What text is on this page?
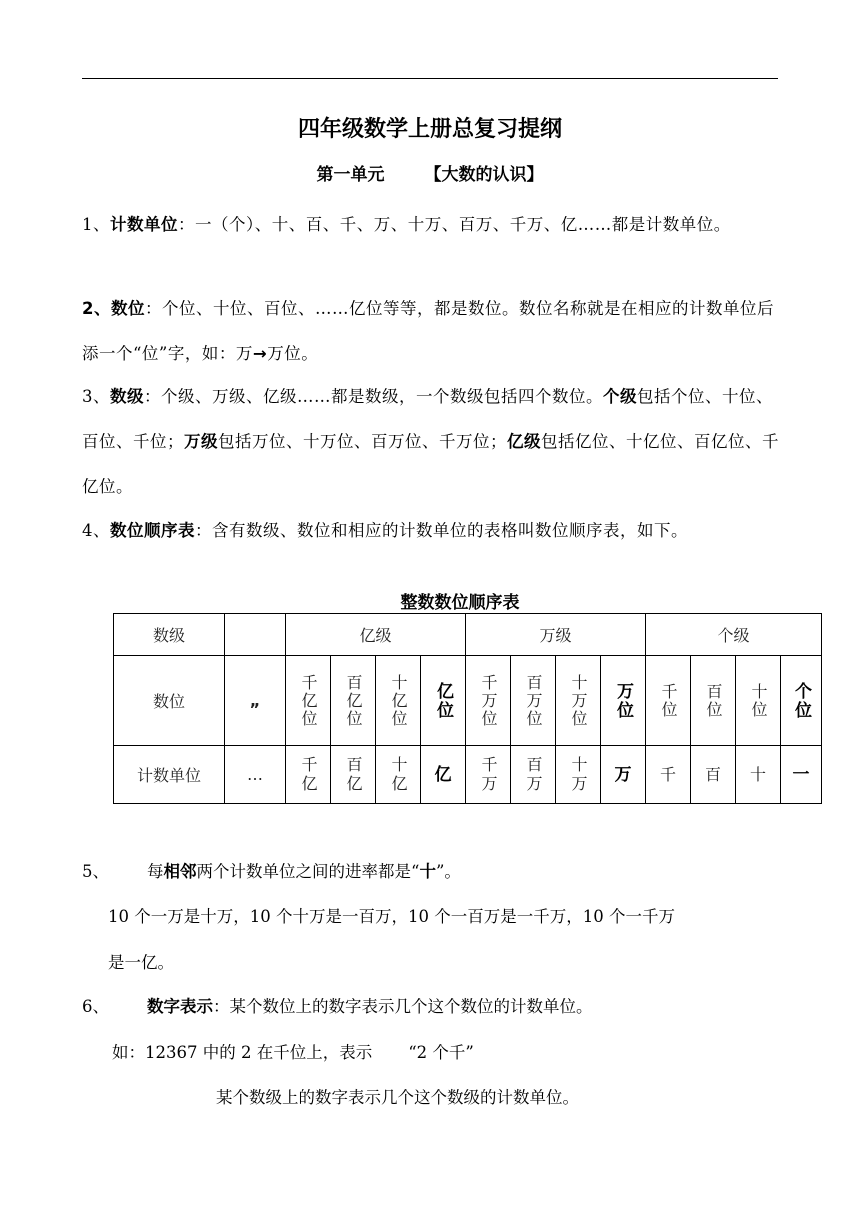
四年级数学上册总复习提纲
第一单元 【大数的认识】
1、计数单位：一（个）、十、百、千、万、十万、百万、千万、亿……都是计数单位。
2、数位：个位、十位、百位、……亿位等等，都是数位。数位名称就是在相应的计数单位后添一个“位”字，如：万→万位。
3、数级：个级、万级、亿级……都是数级，一个数级包括四个数位。个级包括个位、十位、百位、千位；万级包括万位、十万位、百万位、千万位；亿级包括亿位、十亿位、百亿位、千亿位。
4、数位顺序表：含有数级、数位和相应的计数单位的表格叫数位顺序表，如下。
整数数位顺序表
数级		亿级				万级				个级			
数位	„	千亿位	百亿位	十亿位	亿位	千万位	百万位	十万位	万位	千位	百位	十位	个位

计数单位	…	千亿	百亿	十亿	亿	千万	百万	十万	万	千	百	十	一
5、 每相邻两个计数单位之间的进率都是“十”。
10 个一万是十万，10 个十万是一百万，10 个一百万是一千万，10 个一千万
是一亿。
6、 数字表示：某个数位上的数字表示几个这个数位的计数单位。
如：12367 中的 2 在千位上，表示 “2 个千”
某个数级上的数字表示几个这个数级的计数单位。
